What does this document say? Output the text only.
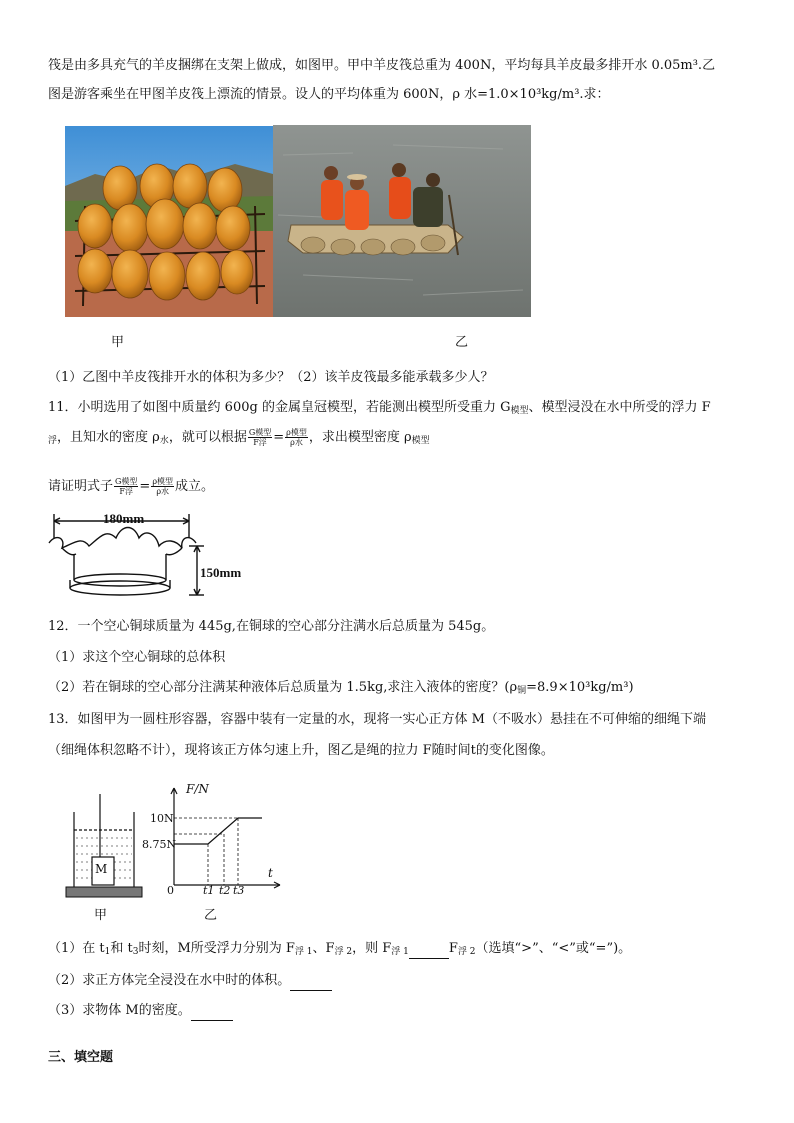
筏是由多具充气的羊皮捆绑在支架上做成，如图甲。甲中羊皮筏总重为 400N，平均每具羊皮最多排开水 0.05m³.乙
图是游客乘坐在甲图羊皮筏上漂流的情景。设人的平均体重为 600N，ρ 水=1.0×10³kg/m³.求：
甲	乙
（1）乙图中羊皮筏排开水的体积为多少？（2）该羊皮筏最多能承载多少人？
11．小明选用了如图中质量约 600g 的金属皇冠模型，若能测出模型所受重力 $G_{模型}$、模型浸没在水中所受的浮力 F
$_浮$，且知水的密度 $\rho_水$，就可以根据 $\frac{\text{G模型}}{\text{F浮}} = \frac{\text{ρ模型}}{\text{ρ水}}$ ，求出模型密度 $\rho_{模型}$
请证明式子 $\frac{\text{G模型}}{\text{F浮}} = \frac{\text{ρ模型}}{\text{ρ水}}$ 成立。
180mm
150mm
12．一个空心铜球质量为 445g,在铜球的空心部分注满水后总质量为 545g。
（1）求这个空心铜球的总体积
（2）若在铜球的空心部分注满某种液体后总质量为 1.5kg,求注入液体的密度？$(\rho_铜=8.9\times 10^3kg/m^3)$
13．如图甲为一圆柱形容器，容器中装有一定量的水，现将一实心正方体 M（不吸水）悬挂在不可伸缩的细绳下端
（细绳体积忽略不计），现将该正方体匀速上升，图乙是绳的拉力 F随时间t的变化图像。
M
甲
F/N
t
10N
8.75N
0	t1 t2 t3
乙
（1）在 $t_1$和 $t_3$时刻，M所受浮力分别为 $F_{浮 1}$、$F_{浮 2}$，则 $F_{浮 1}$	$F_{浮 2}$（选填“>”、“<”或“=”)。
（2）求正方体完全浸没在水中时的体积。
（3）求物体 M的密度。
三、填空题
